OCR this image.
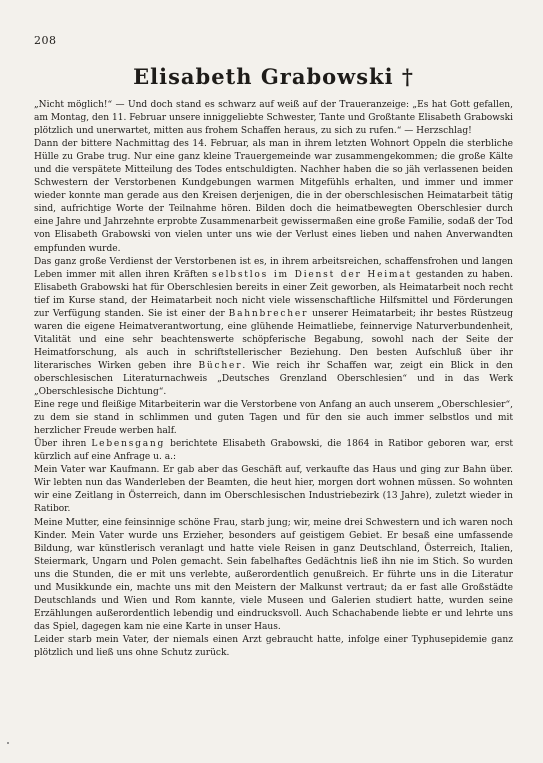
208
Elisabeth Grabowski †

„Nicht möglich!“ — Und doch stand es schwarz auf weiß auf der Traueranzeige: „Es hat Gott gefallen, am Montag, den 11. Februar unsere inniggeliebte Schwester, Tante und Großtante Elisabeth Grabowski plötzlich und unerwartet, mitten aus frohem Schaffen heraus, zu sich zu rufen.“ — Herzschlag!

Dann der bittere Nachmittag des 14. Februar, als man in ihrem letzten Wohnort Oppeln die sterbliche Hülle zu Grabe trug. Nur eine ganz kleine Trauergemeinde war zusammengekommen; die große Kälte und die verspätete Mitteilung des Todes entschuldigten. Nachher haben die so jäh verlassenen beiden Schwestern der Verstorbenen Kundgebungen warmen Mitgefühls erhalten, und immer und immer wieder konnte man gerade aus den Kreisen derjenigen, die in der oberschlesischen Heimatarbeit tätig sind, aufrichtige Worte der Teilnahme hören. Bilden doch die heimatbewegten Oberschlesier durch eine Jahre und Jahrzehnte erprobte Zusammenarbeit gewissermaßen eine große Familie, sodaß der Tod von Elisabeth Grabowski von vielen unter uns wie der Verlust eines lieben und nahen Anverwandten empfunden wurde.

Das ganz große Verdienst der Verstorbenen ist es, in ihrem arbeitsreichen, schaffensfrohen und langen Leben immer mit allen ihren Kräften selbstlos im Dienst der Heimat gestanden zu haben. Elisabeth Grabowski hat für Oberschlesien bereits in einer Zeit geworben, als Heimatarbeit noch recht tief im Kurse stand, der Heimatarbeit noch nicht viele wissenschaftliche Hilfsmittel und Förderungen zur Verfügung standen. Sie ist einer der Bahnbrecher unserer Heimatarbeit; ihr bestes Rüstzeug waren die eigene Heimatverantwortung, eine glühende Heimatliebe, feinnervige Naturverbundenheit, Vitalität und eine sehr beachtenswerte schöpferische Begabung, sowohl nach der Seite der Heimatforschung, als auch in schriftstellerischer Beziehung. Den besten Aufschluß über ihr literarisches Wirken geben ihre Bücher. Wie reich ihr Schaffen war, zeigt ein Blick in den oberschlesischen Literaturnachweis „Deutsches Grenzland Oberschlesien“ und in das Werk „Oberschlesische Dichtung“.

Eine rege und fleißige Mitarbeiterin war die Verstorbene von Anfang an auch unserem „Oberschlesier“, zu dem sie stand in schlimmen und guten Tagen und für den sie auch immer selbstlos und mit herzlicher Freude werben half.

Über ihren Lebensgang berichtete Elisabeth Grabowski, die 1864 in Ratibor geboren war, erst kürzlich auf eine Anfrage u. a.:

Mein Vater war Kaufmann. Er gab aber das Geschäft auf, verkaufte das Haus und ging zur Bahn über. Wir lebten nun das Wanderleben der Beamten, die heut hier, morgen dort wohnen müssen. So wohnten wir eine Zeitlang in Österreich, dann im Oberschlesischen Industriebezirk (13 Jahre), zuletzt wieder in Ratibor.

Meine Mutter, eine feinsinnige schöne Frau, starb jung; wir, meine drei Schwestern und ich waren noch Kinder. Mein Vater wurde uns Erzieher, besonders auf geistigem Gebiet. Er besaß eine umfassende Bildung, war künstlerisch veranlagt und hatte viele Reisen in ganz Deutschland, Österreich, Italien, Steiermark, Ungarn und Polen gemacht. Sein fabelhaftes Gedächtnis ließ ihn nie im Stich. So wurden uns die Stunden, die er mit uns verlebte, außerordentlich genußreich. Er führte uns in die Literatur und Musikkunde ein, machte uns mit den Meistern der Malkunst vertraut; da er fast alle Großstädte Deutschlands und Wien und Rom kannte, viele Museen und Galerien studiert hatte, wurden seine Erzählungen außerordentlich lebendig und eindrucksvoll. Auch Schachabende liebte er und lehrte uns das Spiel, dagegen kam nie eine Karte in unser Haus.

Leider starb mein Vater, der niemals einen Arzt gebraucht hatte, infolge einer Typhusepidemie ganz plötzlich und ließ uns ohne Schutz zurück.
